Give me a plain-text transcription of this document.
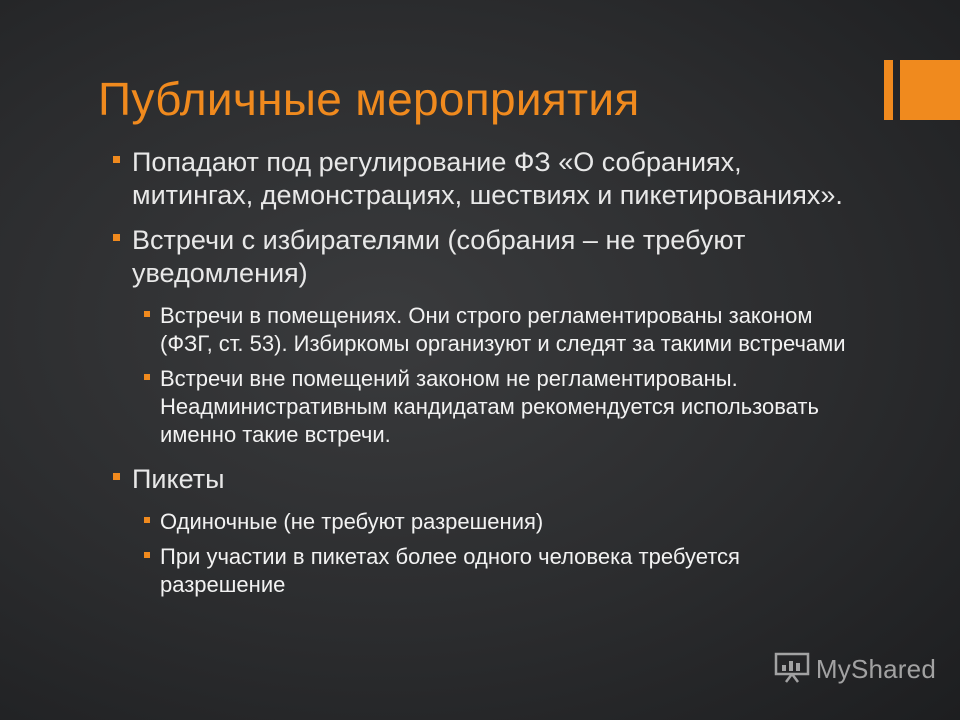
Публичные мероприятия
Попадают под регулирование ФЗ «О собраниях, митингах, демонстрациях, шествиях и пикетированиях».
Встречи с избирателями (собрания – не требуют уведомления)
Встречи в помещениях. Они строго регламентированы законом (ФЗГ, ст. 53). Избиркомы организуют и следят за такими встречами
Встречи вне помещений законом не регламентированы. Неадминистративным кандидатам рекомендуется использовать именно такие встречи.
Пикеты
Одиночные (не требуют разрешения)
При участии в пикетах более одного человека требуется разрешение
MyShared
